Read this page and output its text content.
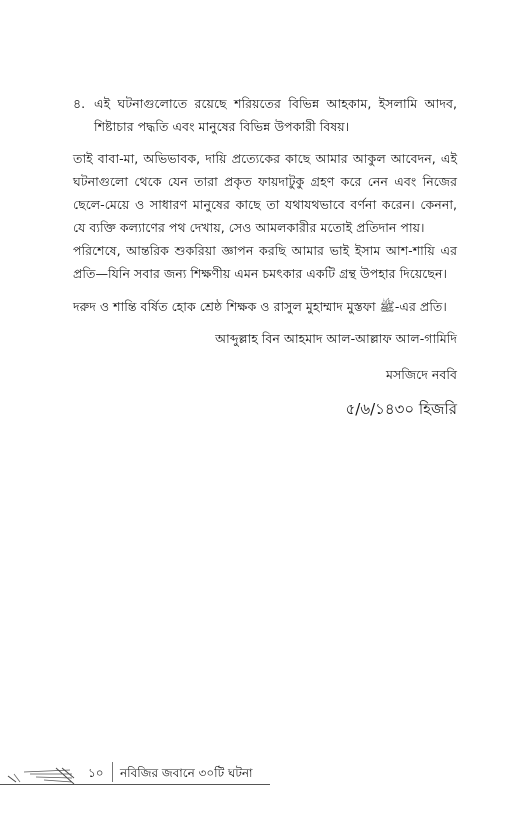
৪. এই ঘটনাগুলোতে রয়েছে শরিয়তের বিভিন্ন আহকাম, ইসলামি আদব, শিষ্টাচার পদ্ধতি এবং মানুষের বিভিন্ন উপকারী বিষয়।
তাই বাবা-মা, অভিভাবক, দায়ি প্রত্যেকের কাছে আমার আকুল আবেদন, এই ঘটনাগুলো থেকে যেন তারা প্রকৃত ফায়দাটুকু গ্রহণ করে নেন এবং নিজের ছেলে-মেয়ে ও সাধারণ মানুষের কাছে তা যথাযথভাবে বর্ণনা করেন। কেননা, যে ব্যক্তি কল্যাণের পথ দেখায়, সেও আমলকারীর মতোই প্রতিদান পায়।
পরিশেষে, আন্তরিক শুকরিয়া জ্ঞাপন করছি আমার ভাই ইসাম আশ-শায়ি এর প্রতি—যিনি সবার জন্য শিক্ষণীয় এমন চমৎকার একটি গ্রন্থ উপহার দিয়েছেন।
দরুদ ও শান্তি বর্ষিত হোক শ্রেষ্ঠ শিক্ষক ও রাসুল মুহাম্মাদ মুস্তফা ﷺ-এর প্রতি।
আব্দুল্লাহ বিন আহমাদ আল-আল্লাফ আল-গামিদি
মসজিদে নববি
৫/৬/১৪৩০ হিজরি
১০ নবিজির জবানে ৩০টি ঘটনা
